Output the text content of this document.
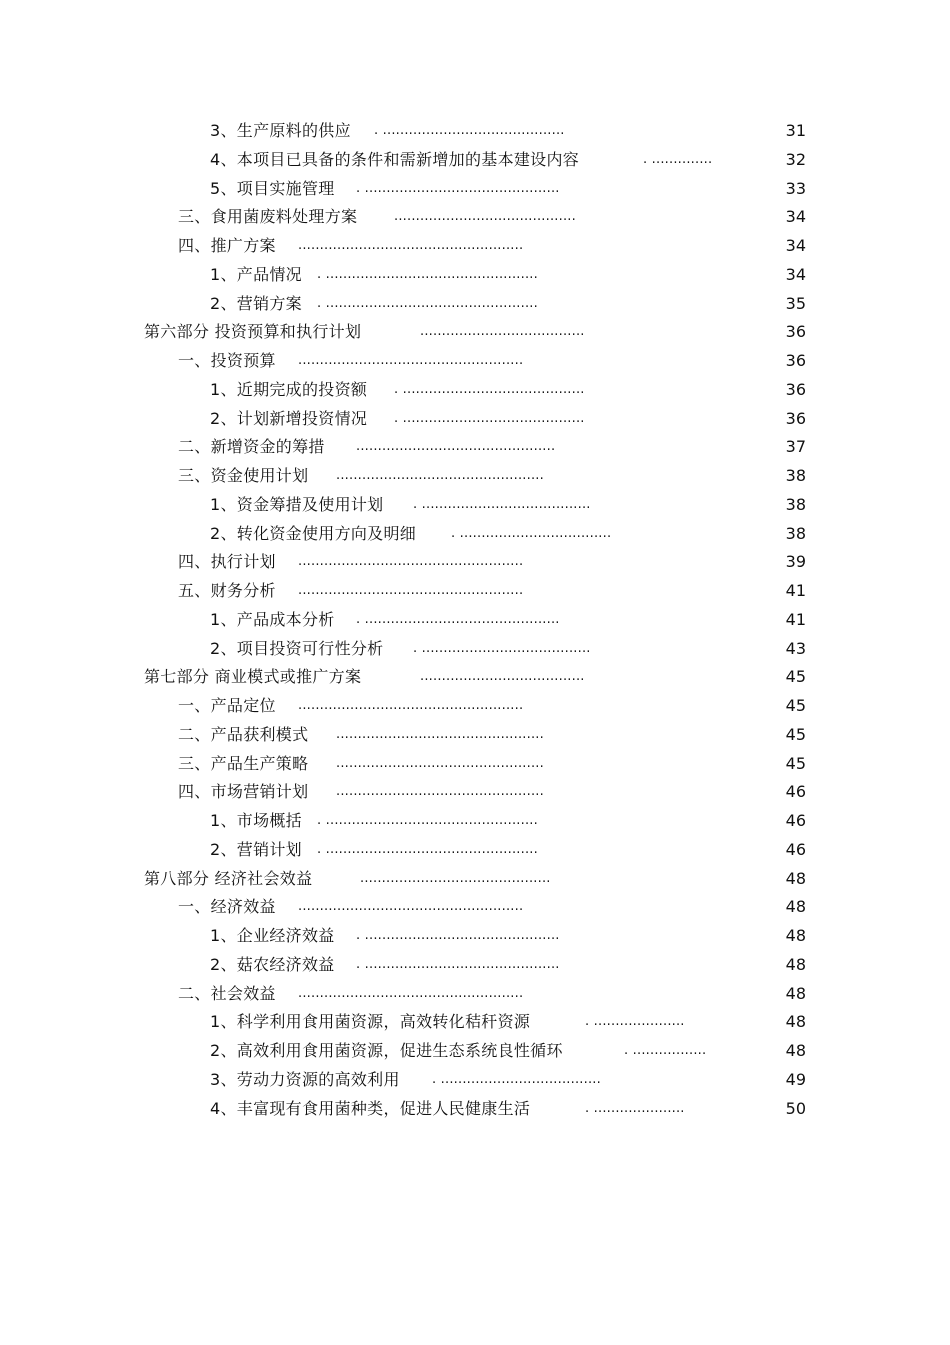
3、生产原料的供应 . ..........................................	31
4、本项目已具备的条件和需新增加的基本建设内容	. ..............	32
5、项目实施管理 . .............................................	33
三、食用菌废料处理方案	..........................................	34
四、推广方案 ....................................................	34
1、产品情况 . .................................................	34
2、营销方案 . .................................................	35
第六部分 投资预算和执行计划	......................................	36
一、投资预算 ....................................................	36
1、近期完成的投资额 . ..........................................	36
2、计划新增投资情况 . ..........................................	36
二、新增资金的筹措 ..............................................	37
三、资金使用计划 ................................................	38
1、资金筹措及使用计划 . .......................................	38
2、转化资金使用方向及明细	. ...................................	38
四、执行计划 ....................................................	39
五、财务分析 ....................................................	41
1、产品成本分析 . .............................................	41
2、项目投资可行性分析 . .......................................	43
第七部分 商业模式或推广方案	......................................	45
一、产品定位 ....................................................	45
二、产品获利模式 ................................................	45
三、产品生产策略 ................................................	45
四、市场营销计划 ................................................	46
1、市场概括 . .................................................	46
2、营销计划 . .................................................	46
第八部分 经济社会效益	............................................	48
一、经济效益 ....................................................	48
1、企业经济效益 . .............................................	48
2、菇农经济效益 . .............................................	48
二、社会效益 ....................................................	48
1、科学利用食用菌资源，高效转化秸秆资源	. .....................	48
2、高效利用食用菌资源，促进生态系统良性循环	. .................	48
3、劳动力资源的高效利用 . .....................................	49
4、丰富现有食用菌种类，促进人民健康生活	. .....................	50
